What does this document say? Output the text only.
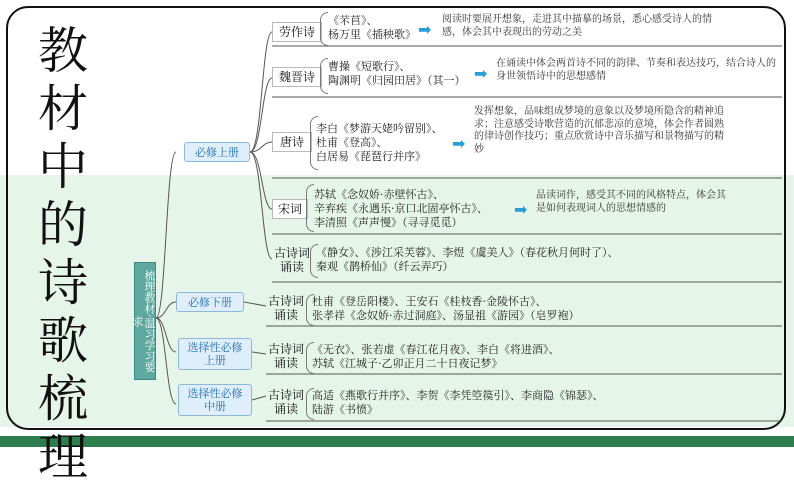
教
材
中
的
诗
歌
梳
理
梳理教材·温习学习要求
必修上册
必修下册
选择性必修上册
选择性必修中册
劳作诗
魏晋诗
唐诗
宋词
古诗词诵读
古诗词诵读
古诗词诵读
古诗词诵读
《芣苢》、
杨万里《插秧歌》
曹操《短歌行》、
陶渊明《归园田居》（其一）
李白《梦游天姥吟留别》、
杜甫《登高》、
白居易《琵琶行并序》
苏轼《念奴娇·赤壁怀古》、
辛弃疾《永遇乐·京口北固亭怀古》、
李清照《声声慢》（寻寻觅觅）
《静女》、《涉江采芙蓉》、李煜《虞美人》（春花秋月何时了）、
秦观《鹊桥仙》（纤云弄巧）
杜甫《登岳阳楼》、王安石《桂枝香·金陵怀古》、
张孝祥《念奴娇·赤过洞庭》、汤显祖《游园》（皂罗袍）
《无衣》、张若虚《春江花月夜》、李白《将进酒》、
苏轼《江城子·乙卯正月二十日夜记梦》
高适《燕歌行并序》、李贺《李凭箜篌引》、李商隐《锦瑟》、
陆游《书愤》
➡
➡
➡
➡
阅读时要展开想象，走进其中描摹的场景，悉心感受诗人的情感，体会其中表现出的劳动之美
在诵读中体会两首诗不同的韵律、节奏和表达技巧，结合诗人的身世领悟诗中的思想感情
发挥想象，品味组成梦境的意象以及梦境所隐含的精神追求；注意感受诗歌营造的沉郁悲凉的意境，体会作者圆熟的律诗创作技巧；重点欣赏诗中音乐描写和景物描写的精妙
品读词作，感受其不同的风格特点，体会其是如何表现词人的思想情感的
